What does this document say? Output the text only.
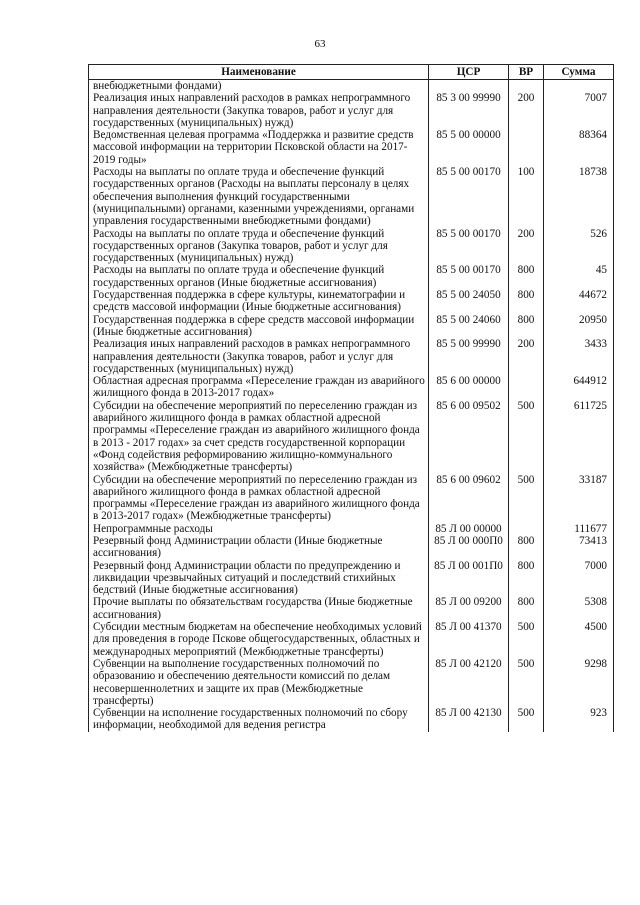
63
Наименование	ЦСР	ВР	Сумма
внебюджетными фондами)			
Реализация иных направлений расходов в рамках непрограммного направления деятельности (Закупка товаров, работ и услуг для государственных (муниципальных) нужд)	85 3 00 99990	200	7007
Ведомственная целевая программа «Поддержка и развитие средств массовой информации на территории Псковской области на 2017-2019 годы»	85 5 00 00000		88364
Расходы на выплаты по оплате труда и обеспечение функций государственных органов (Расходы на выплаты персоналу в целях обеспечения выполнения функций государственными (муниципальными) органами, казенными учреждениями, органами управления государственными внебюджетными фондами)	85 5 00 00170	100	18738
Расходы на выплаты по оплате труда и обеспечение функций государственных органов (Закупка товаров, работ и услуг для государственных (муниципальных) нужд)	85 5 00 00170	200	526
Расходы на выплаты по оплате труда и обеспечение функций государственных органов (Иные бюджетные ассигнования)	85 5 00 00170	800	45
Государственная поддержка в сфере культуры, кинематографии и средств массовой информации (Иные бюджетные ассигнования)	85 5 00 24050	800	44672
Государственная поддержка в сфере средств массовой информации (Иные бюджетные ассигнования)	85 5 00 24060	800	20950
Реализация иных направлений расходов в рамках непрограммного направления деятельности (Закупка товаров, работ и услуг для государственных (муниципальных) нужд)	85 5 00 99990	200	3433
Областная адресная программа «Переселение граждан из аварийного жилищного фонда в 2013-2017 годах»	85 6 00 00000		644912
Субсидии на обеспечение мероприятий по переселению граждан из аварийного жилищного фонда в рамках областной адресной программы «Переселение граждан из аварийного жилищного фонда в 2013 - 2017 годах» за счет средств государственной корпорации «Фонд содействия реформированию жилищно-коммунального хозяйства» (Межбюджетные трансферты)	85 6 00 09502	500	611725
Субсидии на обеспечение мероприятий по переселению граждан из аварийного жилищного фонда в рамках областной адресной программы «Переселение граждан из аварийного жилищного фонда в 2013-2017 годах» (Межбюджетные трансферты)	85 6 00 09602	500	33187
Непрограммные расходы	85 Л 00 00000		111677
Резервный фонд Администрации области (Иные бюджетные ассигнования)	85 Л 00 000П0	800	73413
Резервный фонд Администрации области по предупреждению и ликвидации чрезвычайных ситуаций и последствий стихийных бедствий (Иные бюджетные ассигнования)	85 Л 00 001П0	800	7000
Прочие выплаты по обязательствам государства (Иные бюджетные ассигнования)	85 Л 00 09200	800	5308
Субсидии местным бюджетам на обеспечение необходимых условий для проведения в городе Пскове общегосударственных, областных и международных мероприятий (Межбюджетные трансферты)	85 Л 00 41370	500	4500
Субвенции на выполнение государственных полномочий по образованию и обеспечению деятельности комиссий по делам несовершеннолетних и защите их прав (Межбюджетные трансферты)	85 Л 00 42120	500	9298
Субвенции на исполнение государственных полномочий по сбору информации, необходимой для ведения регистра	85 Л 00 42130	500	923
